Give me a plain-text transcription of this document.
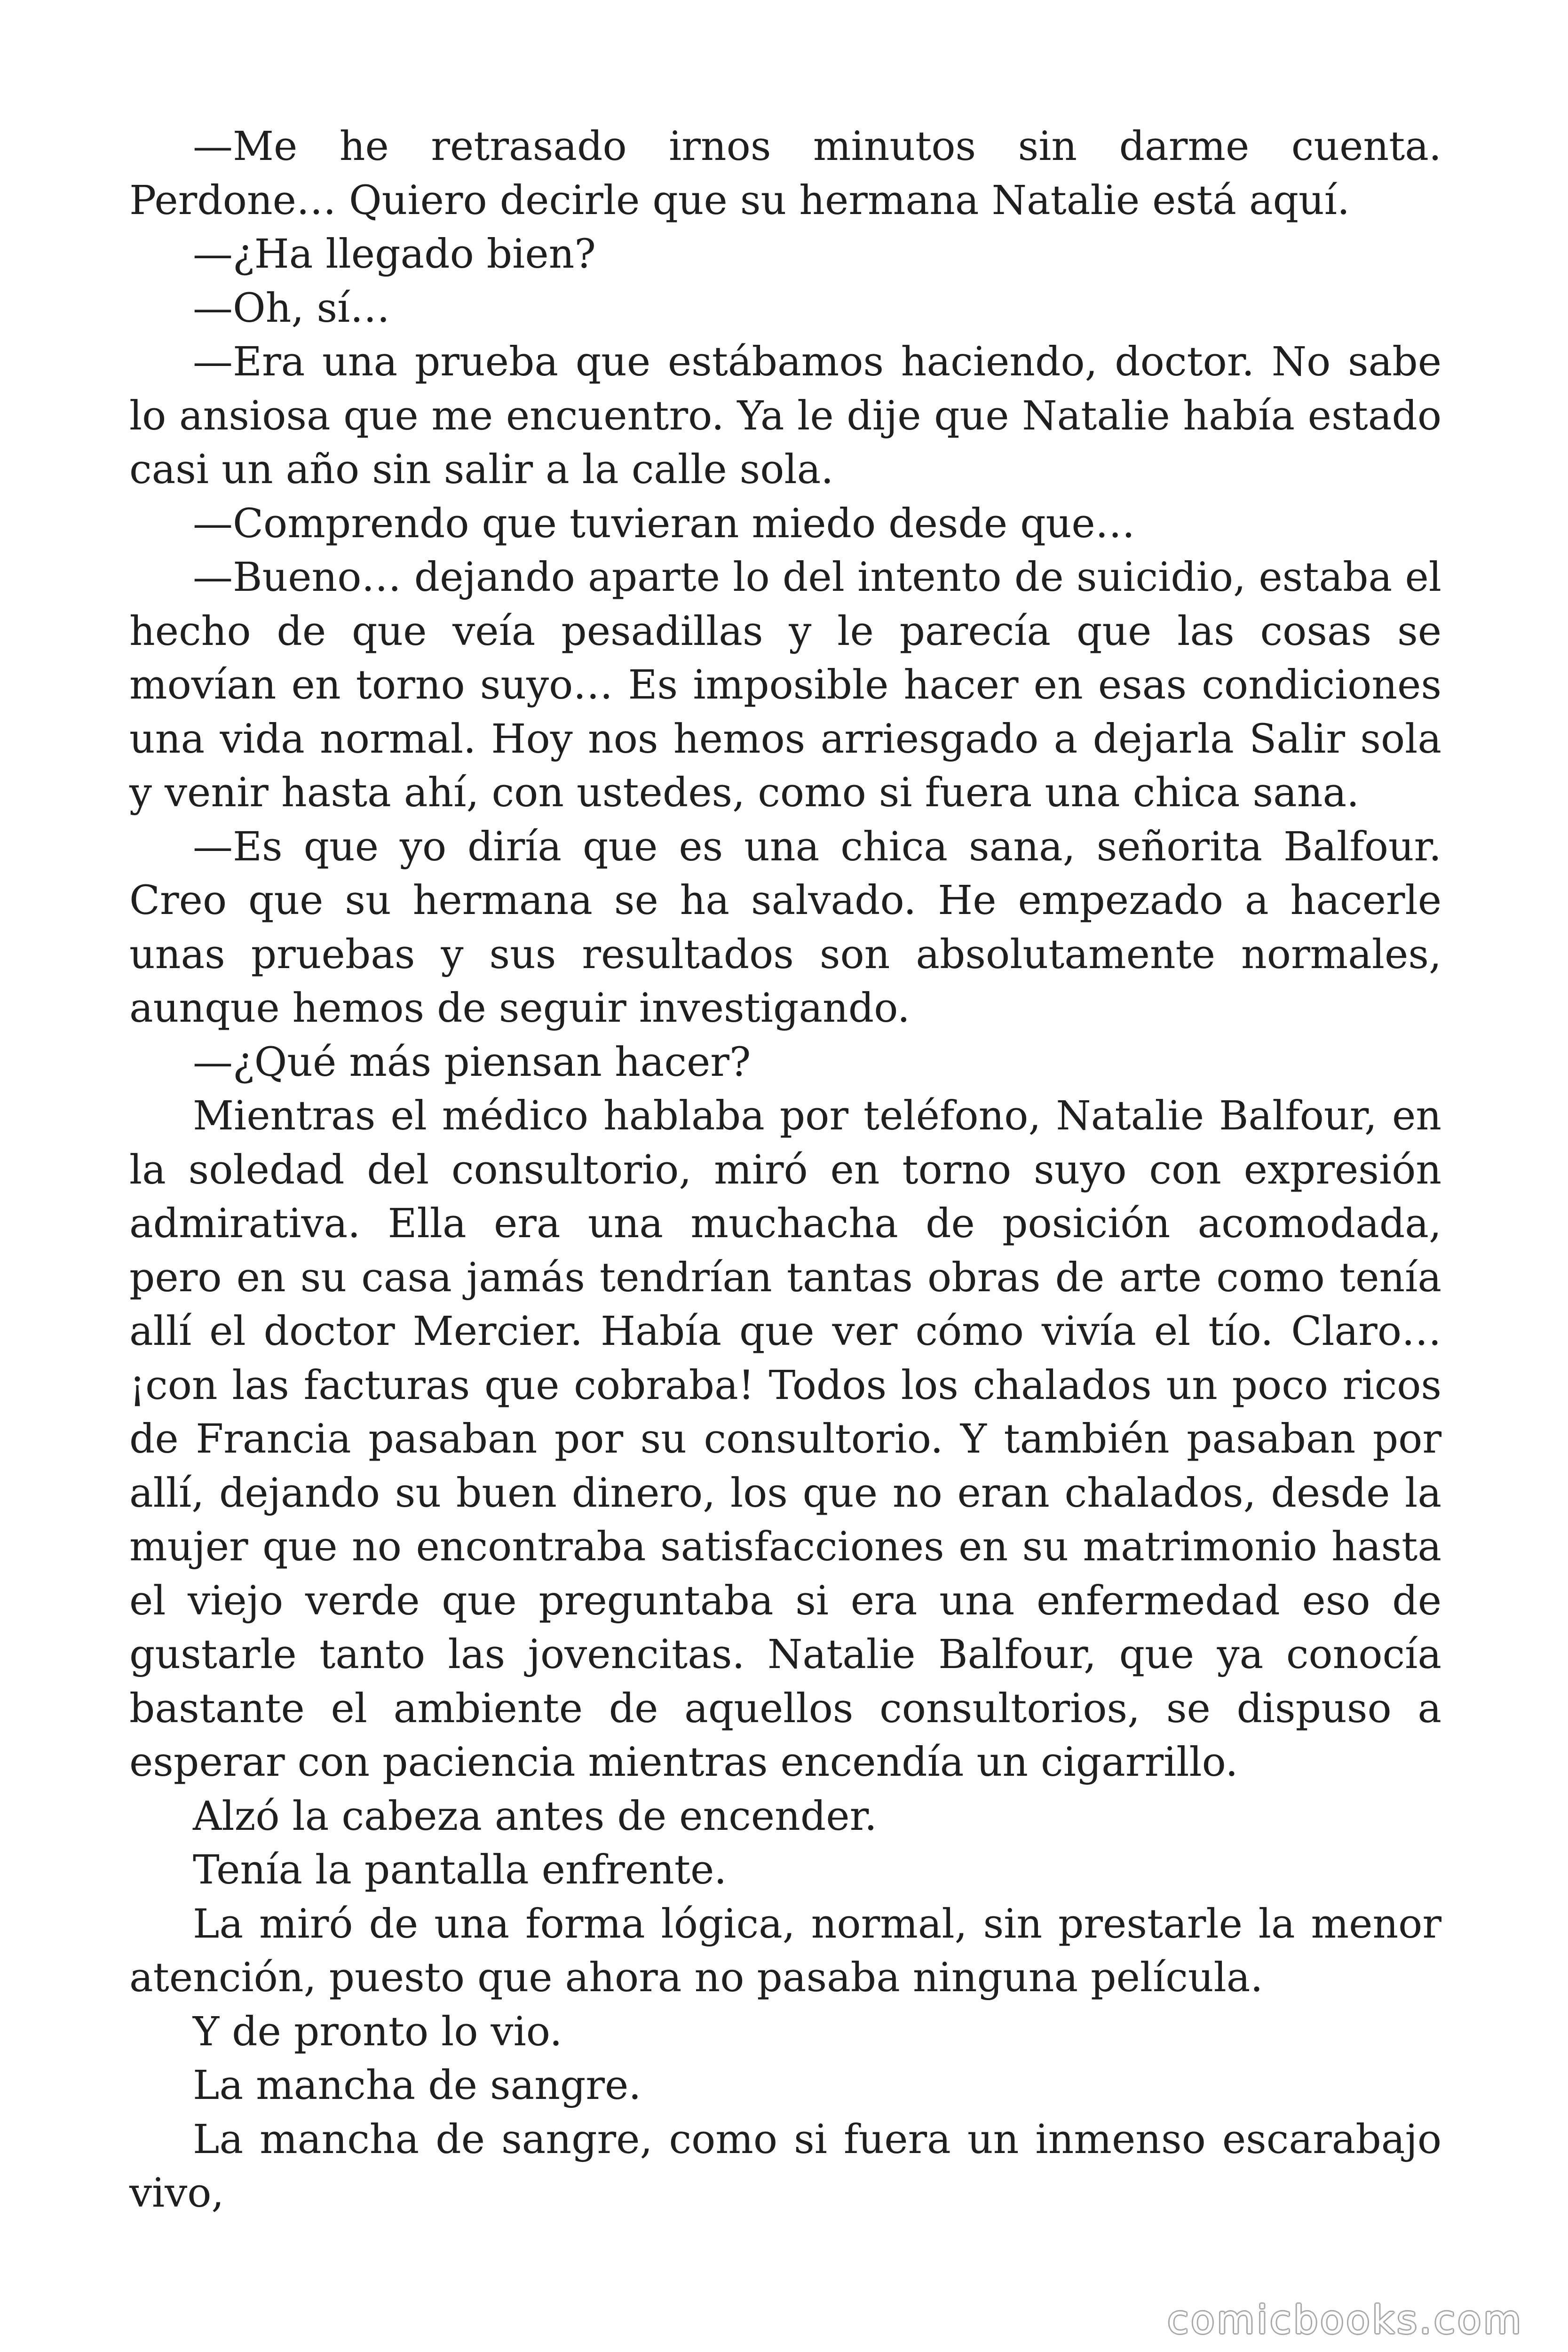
—Me he retrasado irnos minutos sin darme cuenta. Perdone… Quiero decirle que su hermana Natalie está aquí.

—¿Ha llegado bien?

—Oh, sí…

—Era una prueba que estábamos haciendo, doctor. No sabe lo ansiosa que me encuentro. Ya le dije que Natalie había estado casi un año sin salir a la calle sola.

—Comprendo que tuvieran miedo desde que…

—Bueno… dejando aparte lo del intento de suicidio, estaba el hecho de que veía pesadillas y le parecía que las cosas se movían en torno suyo… Es imposible hacer en esas condiciones una vida normal. Hoy nos hemos arriesgado a dejarla Salir sola y venir hasta ahí, con ustedes, como si fuera una chica sana.

—Es que yo diría que es una chica sana, señorita Balfour. Creo que su hermana se ha salvado. He empezado a hacerle unas pruebas y sus resultados son absolutamente normales, aunque hemos de seguir investigando.

—¿Qué más piensan hacer?

Mientras el médico hablaba por teléfono, Natalie Balfour, en la soledad del consultorio, miró en torno suyo con expresión admirativa. Ella era una muchacha de posición acomodada, pero en su casa jamás tendrían tantas obras de arte como tenía allí el doctor Mercier. Había que ver cómo vivía el tío. Claro… ¡con las facturas que cobraba! Todos los chalados un poco ricos de Francia pasaban por su consultorio. Y también pasaban por allí, dejando su buen dinero, los que no eran chalados, desde la mujer que no encontraba satisfacciones en su matrimonio hasta el viejo verde que preguntaba si era una enfermedad eso de gustarle tanto las jovencitas. Natalie Balfour, que ya conocía bastante el ambiente de aquellos consultorios, se dispuso a esperar con paciencia mientras encendía un cigarrillo.

Alzó la cabeza antes de encender.

Tenía la pantalla enfrente.

La miró de una forma lógica, normal, sin prestarle la menor atención, puesto que ahora no pasaba ninguna película.

Y de pronto lo vio.

La mancha de sangre.

La mancha de sangre, como si fuera un inmenso escarabajo vivo,

comicbooks.com
